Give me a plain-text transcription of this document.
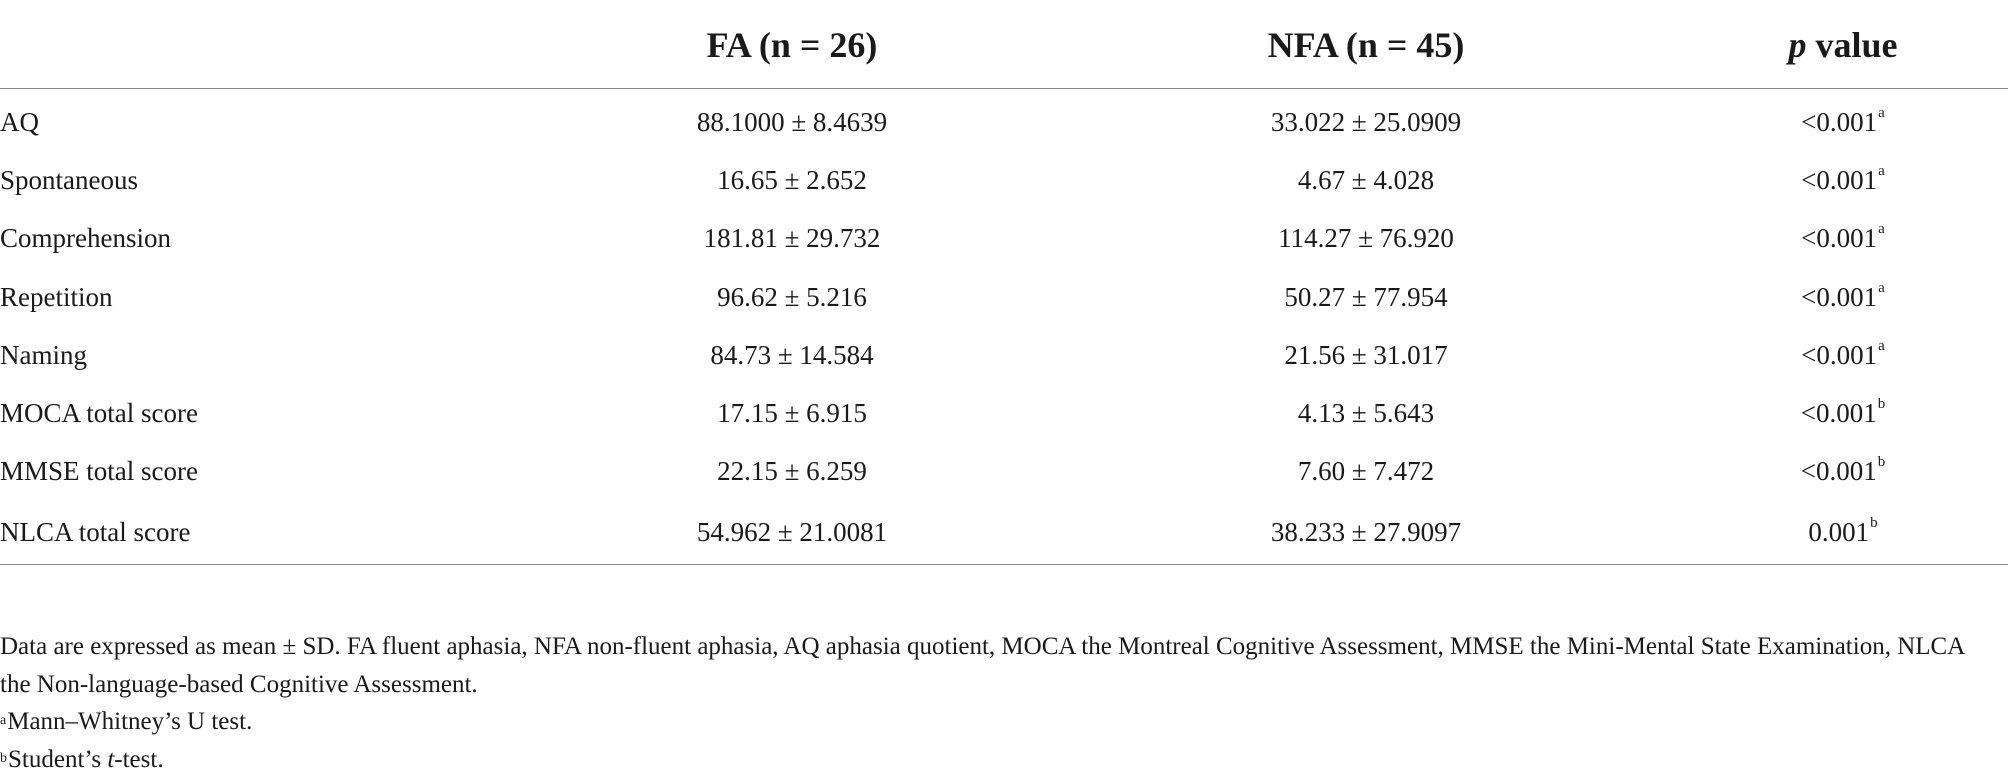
	FA (n = 26)	NFA (n = 45)	p value
AQ	88.1000 ± 8.4639	33.022 ± 25.0909	<0.001$^a$
Spontaneous	16.65 ± 2.652	4.67 ± 4.028	<0.001$^a$
Comprehension	181.81 ± 29.732	114.27 ± 76.920	<0.001$^a$
Repetition	96.62 ± 5.216	50.27 ± 77.954	<0.001$^a$
Naming	84.73 ± 14.584	21.56 ± 31.017	<0.001$^a$
MOCA total score	17.15 ± 6.915	4.13 ± 5.643	<0.001$^b$
MMSE total score	22.15 ± 6.259	7.60 ± 7.472	<0.001$^b$
NLCA total score	54.962 ± 21.0081	38.233 ± 27.9097	0.001$^b$

Data are expressed as mean ± SD. FA fluent aphasia, NFA non-fluent aphasia, AQ aphasia quotient, MOCA the Montreal Cognitive Assessment, MMSE the Mini-Mental State Examination, NLCA the Non-language-based Cognitive Assessment.

$^a$Mann–Whitney’s U test.

$^b$Student’s t-test.
